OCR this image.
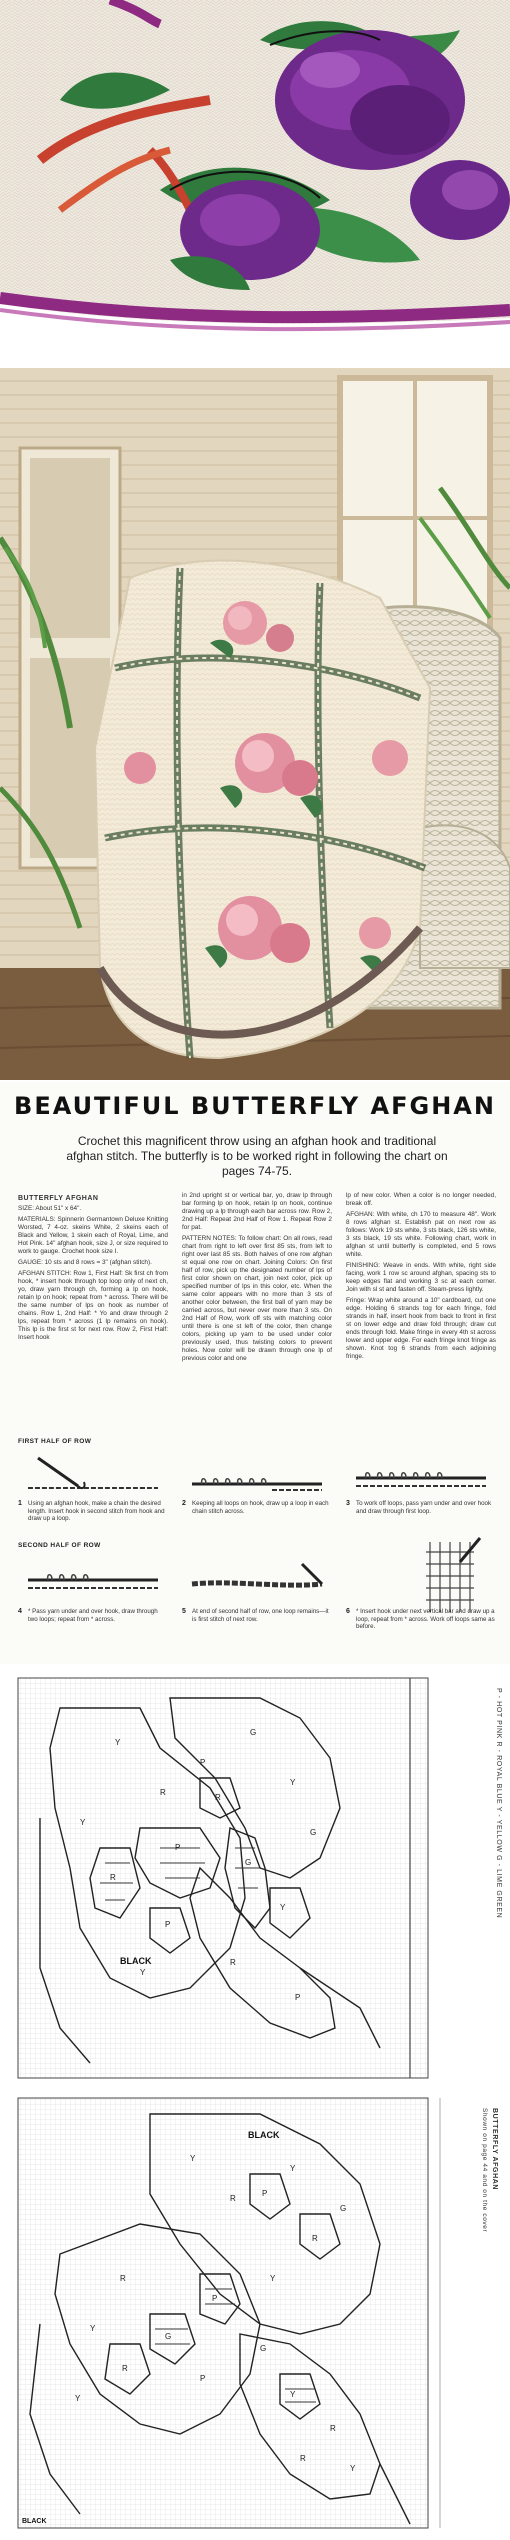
BEAUTIFUL BUTTERFLY AFGHAN
Crochet this magnificent throw using an afghan hook and traditional afghan stitch. The butterfly is to be worked right in following the chart on pages 74-75.
BUTTERFLY AFGHAN

SIZE: About 51" x 64".

MATERIALS: Spinnerin Germantown Deluxe Knitting Worsted, 7 4-oz. skeins White, 2 skeins each of Black and Yellow, 1 skein each of Royal, Lime, and Hot Pink. 14" afghan hook, size J, or size required to work to gauge. Crochet hook size I.

GAUGE: 10 sts and 8 rows = 3" (afghan stitch).

AFGHAN STITCH: Row 1, First Half: Sk first ch from hook, * insert hook through top loop only of next ch, yo, draw yarn through ch, forming a lp on hook, retain lp on hook; repeat from * across. There will be the same number of lps on hook as number of chains. Row 1, 2nd Half: * Yo and draw through 2 lps, repeat from * across (1 lp remains on hook). This lp is the first st for next row. Row 2, First Half: Insert hook

in 2nd upright st or vertical bar, yo, draw lp through bar forming lp on hook, retain lp on hook, continue drawing up a lp through each bar across row. Row 2, 2nd Half: Repeat 2nd Half of Row 1. Repeat Row 2 for pat.

PATTERN NOTES: To follow chart: On all rows, read chart from right to left over first 85 sts, from left to right over last 85 sts. Both halves of one row afghan st equal one row on chart. Joining Colors: On first half of row, pick up the designated number of lps of first color shown on chart, join next color, pick up specified number of lps in this color, etc. When the same color appears with no more than 3 sts of another color between, the first ball of yarn may be carried across, but never over more than 3 sts. On 2nd Half of Row, work off sts with matching color until there is one st left of the color, then change colors, picking up yarn to be used under color previously used, thus twisting colors to prevent holes. Now color will be drawn through one lp of previous color and one

lp of new color. When a color is no longer needed, break off.

AFGHAN: With white, ch 170 to measure 48". Work 8 rows afghan st. Establish pat on next row as follows: Work 19 sts white, 3 sts black, 126 sts white, 3 sts black, 19 sts white. Following chart, work in afghan st until butterfly is completed, end 5 rows white.

FINISHING: Weave in ends. With white, right side facing, work 1 row sc around afghan, spacing sts to keep edges flat and working 3 sc at each corner. Join with sl st and fasten off. Steam-press lightly.

Fringe: Wrap white around a 10" cardboard, cut one edge. Holding 6 strands tog for each fringe, fold strands in half, insert hook from back to front in first st on lower edge and draw fold through; draw cut ends through fold. Make fringe in every 4th st across lower and upper edge. For each fringe knot fringe as shown. Knot tog 6 strands from each adjoining fringe.

FIRST HALF OF ROW
SECOND HALF OF ROW
1 Using an afghan hook, make a chain the desired length. Insert hook in second stitch from hook and draw up a loop.
2 Keeping all loops on hook, draw up a loop in each chain stitch across.
3 To work off loops, pass yarn under and over hook and draw through first loop.
4 * Pass yarn under and over hook, draw through two loops; repeat from * across.
5 At end of second half of row, one loop remains—it is first stitch of next row.
6 * Insert hook under next vertical bar and draw up a loop, repeat from * across. Work off loops same as before.
BLACK
Y
R
P
G
Y
R
P
G
R
Y
P
Y
G
R
Y
P
P - HOT PINK R - ROYAL BLUE Y - YELLOW G - LIME GREEN
BLACK
BLACK
Y
R
Y
P
G
R
Y
P
R
G
Y
R
P
Y
R
G
Y
Y
R
BUTTERFLY AFGHAN
Shown on page 44 and on the cover
